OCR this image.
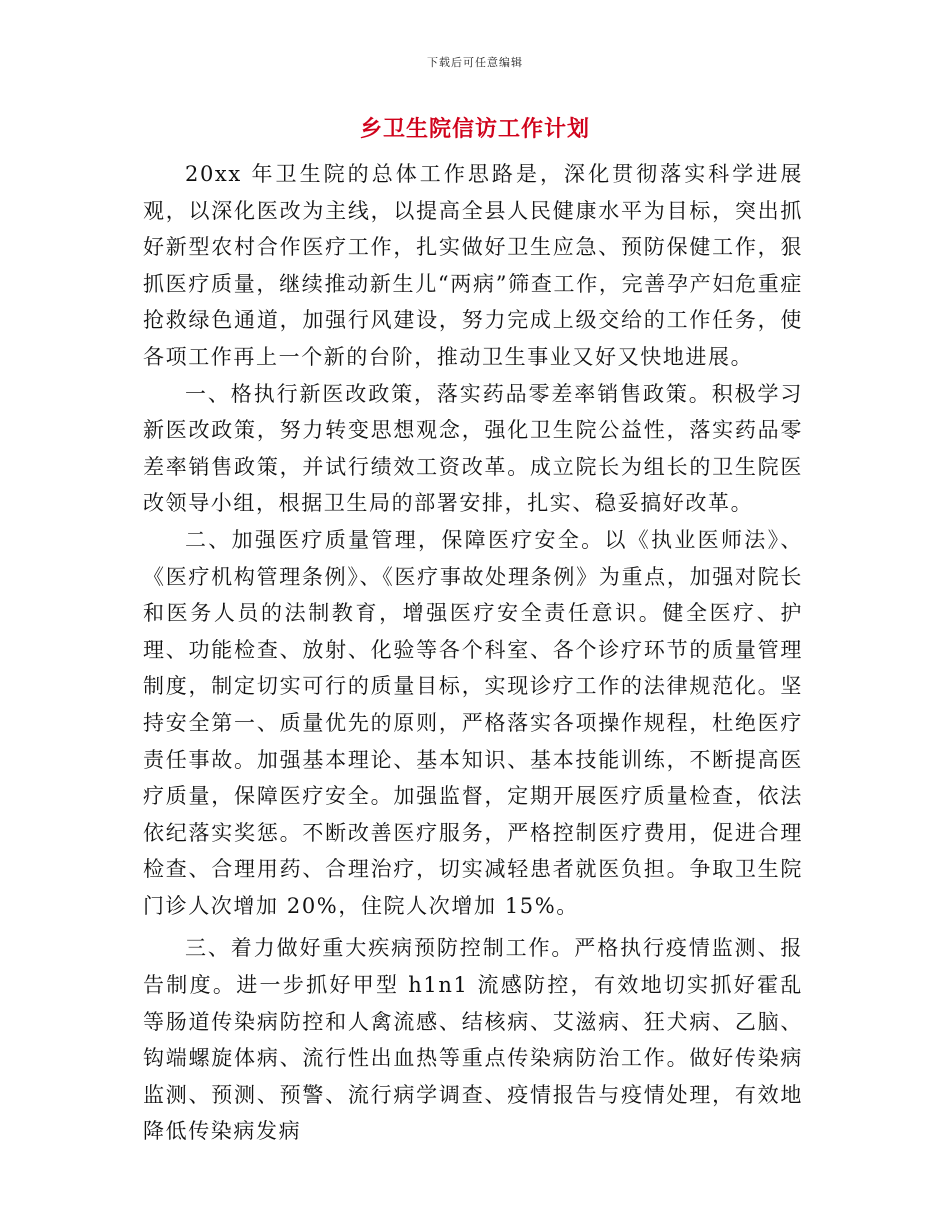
下载后可任意编辑
乡卫生院信访工作计划

20xx 年卫生院的总体工作思路是，深化贯彻落实科学进展观，以深化医改为主线，以提高全县人民健康水平为目标，突出抓好新型农村合作医疗工作，扎实做好卫生应急、预防保健工作，狠抓医疗质量，继续推动新生儿“两病”筛查工作，完善孕产妇危重症抢救绿色通道，加强行风建设，努力完成上级交给的工作任务，使各项工作再上一个新的台阶，推动卫生事业又好又快地进展。

一、格执行新医改政策，落实药品零差率销售政策。积极学习新医改政策，努力转变思想观念，强化卫生院公益性，落实药品零差率销售政策，并试行绩效工资改革。成立院长为组长的卫生院医改领导小组，根据卫生局的部署安排，扎实、稳妥搞好改革。

二、加强医疗质量管理，保障医疗安全。以《执业医师法》、《医疗机构管理条例》、《医疗事故处理条例》为重点，加强对院长和医务人员的法制教育，增强医疗安全责任意识。健全医疗、护理、功能检查、放射、化验等各个科室、各个诊疗环节的质量管理制度，制定切实可行的质量目标，实现诊疗工作的法律规范化。坚持安全第一、质量优先的原则，严格落实各项操作规程，杜绝医疗责任事故。加强基本理论、基本知识、基本技能训练，不断提高医疗质量，保障医疗安全。加强监督，定期开展医疗质量检查，依法依纪落实奖惩。不断改善医疗服务，严格控制医疗费用，促进合理检查、合理用药、合理治疗，切实减轻患者就医负担。争取卫生院门诊人次增加 20%，住院人次增加 15%。

三、着力做好重大疾病预防控制工作。严格执行疫情监测、报告制度。进一步抓好甲型 h1n1 流感防控，有效地切实抓好霍乱等肠道传染病防控和人禽流感、结核病、艾滋病、狂犬病、乙脑、钩端螺旋体病、流行性出血热等重点传染病防治工作。做好传染病监测、预测、预警、流行病学调查、疫情报告与疫情处理，有效地降低传染病发病
